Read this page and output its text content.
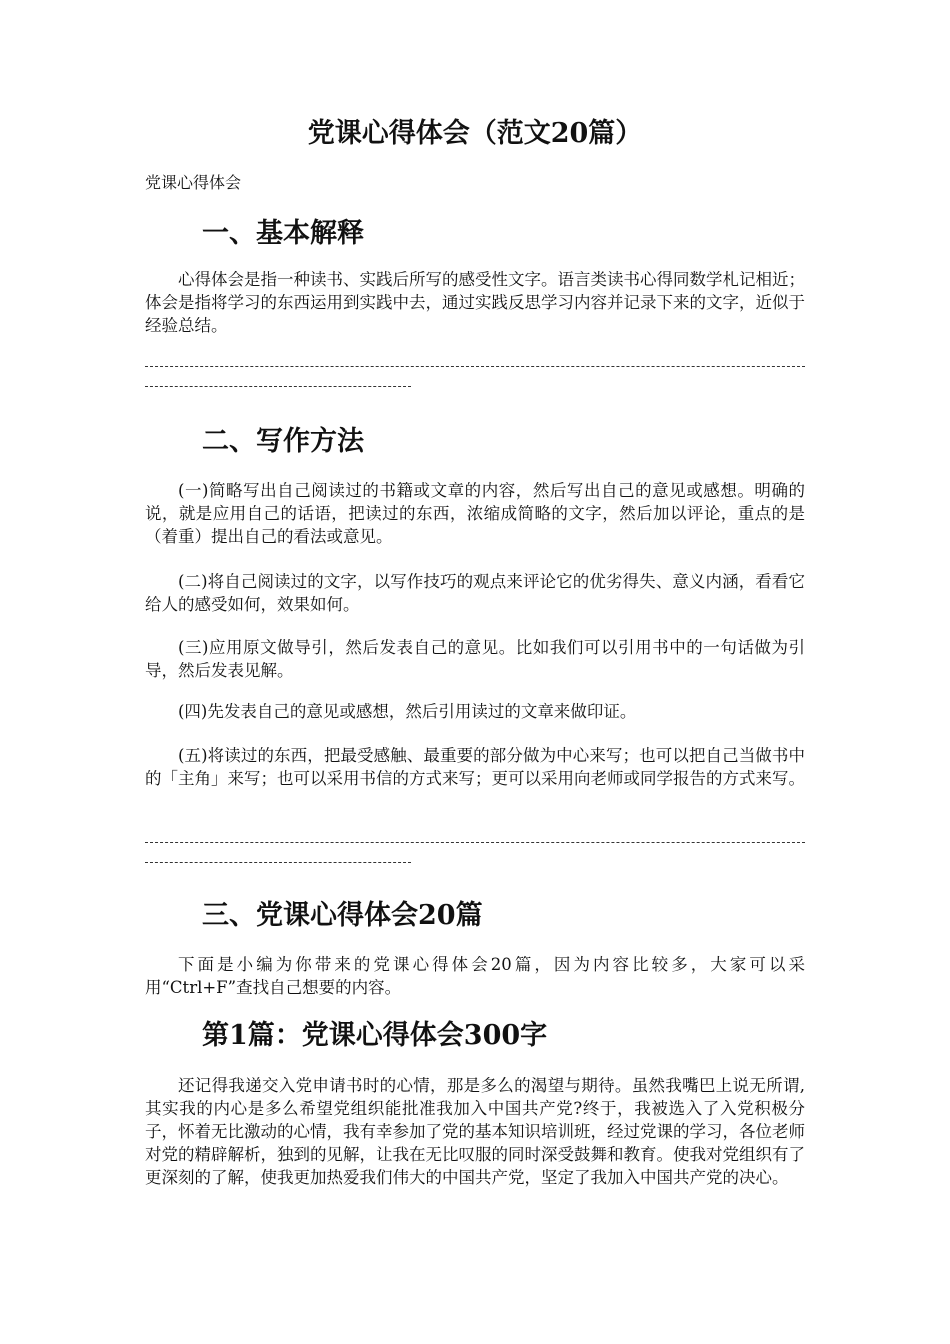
党课心得体会（范文20篇）

党课心得体会

一、基本解释

心得体会是指一种读书、实践后所写的感受性文字。语言类读书心得同数学札记相近；体会是指将学习的东西运用到实践中去，通过实践反思学习内容并记录下来的文字，近似于经验总结。

二、写作方法

(一)简略写出自己阅读过的书籍或文章的内容，然后写出自己的意见或感想。明确的说，就是应用自己的话语，把读过的东西，浓缩成简略的文字，然后加以评论，重点的是（着重）提出自己的看法或意见。

(二)将自己阅读过的文字，以写作技巧的观点来评论它的优劣得失、意义内涵，看看它给人的感受如何，效果如何。

(三)应用原文做导引，然后发表自己的意见。比如我们可以引用书中的一句话做为引导，然后发表见解。

(四)先发表自己的意见或感想，然后引用读过的文章来做印证。

(五)将读过的东西，把最受感触、最重要的部分做为中心来写；也可以把自己当做书中的「主角」来写；也可以采用书信的方式来写；更可以采用向老师或同学报告的方式来写。

三、党课心得体会20篇

下面是小编为你带来的党课心得体会20篇，因为内容比较多，大家可以采用“Ctrl+F”查找自己想要的内容。

第1篇：党课心得体会300字

还记得我递交入党申请书时的心情，那是多么的渴望与期待。虽然我嘴巴上说无所谓,其实我的内心是多么希望党组织能批准我加入中国共产党?终于，我被选入了入党积极分子，怀着无比激动的心情，我有幸参加了党的基本知识培训班，经过党课的学习，各位老师对党的精辟解析，独到的见解，让我在无比叹服的同时深受鼓舞和教育。使我对党组织有了更深刻的了解，使我更加热爱我们伟大的中国共产党，坚定了我加入中国共产党的决心。
